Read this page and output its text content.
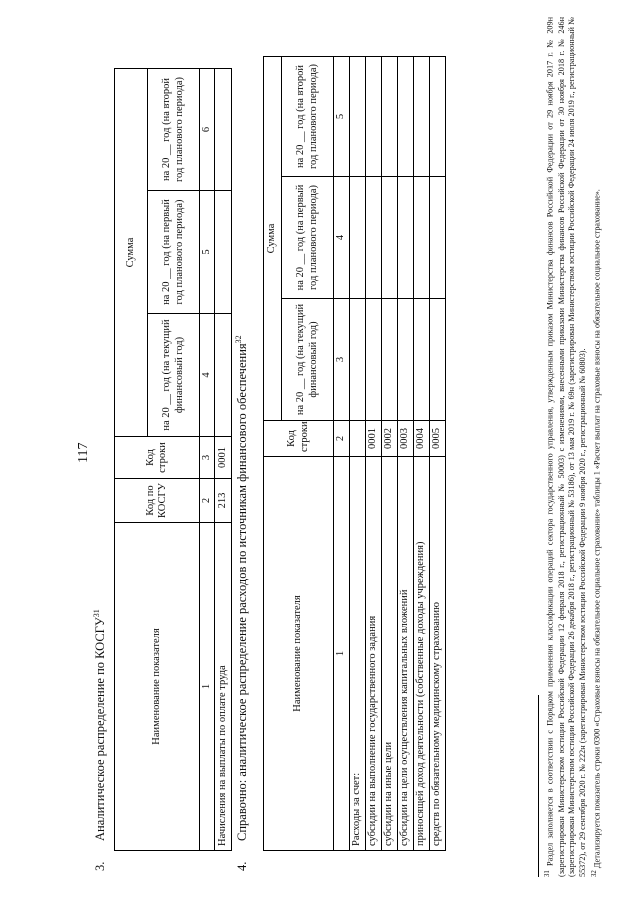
117
3.Аналитическое распределение по КОСГУ$^{31}$
Наименование показателя	Код по КОСГУ	Код строки	Сумма		
			на 20 __ год (на текущий финансовый год)	на 20 __ год (на первый год планового периода)	на 20 __ год (на второй год планового периода)
1	2	3	4	5	6
Начисления на выплаты по оплате труда	213	0001			
4.Справочно: аналитическое распределение расходов по источникам финансового обеспечения$^{32}$
Наименование показателя	Код строки	Сумма		
		на 20 __ год (на текущий финансовый год)	на 20 __ год (на первый год планового периода)	на 20 __ год (на второй год планового периода)
1	2	3	4	5
Расходы за счет:				
субсидии на выполнение государственного задания	0001			
субсидии на иные цели	0002			
субсидии на цели осуществления капитальных вложений	0003			
приносящей доход деятельности (собственные доходы учреждения)	0004			
средств по обязательному медицинскому страхованию	0005			

$^{31}$ Раздел заполняется в соответствии с Порядком применения классификации операций сектора государственного управления, утвержденным приказом Министерства финансов Российской Федерации от 29 ноября 2017 г. № 209н (зарегистрирован Министерством юстиции Российской Федерации 12 февраля 2018 г., регистрационный № 50003) с изменениями, внесенными приказами Министерства финансов Российской Федерации от 30 ноября 2018 г. № 246н (зарегистрирован Министерством юстиции Российской Федерации 26 декабря 2018 г., регистрационный № 53186), от 13 мая 2019 г. № 69н (зарегистрирован Министерством юстиции Российской Федерации 24 июля 2019 г., регистрационный № 55372), от 29 сентября 2020 г. № 222н (зарегистрирован Министерством юстиции Российской Федерации 9 ноября 2020 г., регистрационный № 60803). $^{32}$ Детализируется показатель строки 0300 «Страховые взносы на обязательное социальное страхование» таблицы 1 «Расчет выплат на страховые взносы на обязательное социальное страхование».
